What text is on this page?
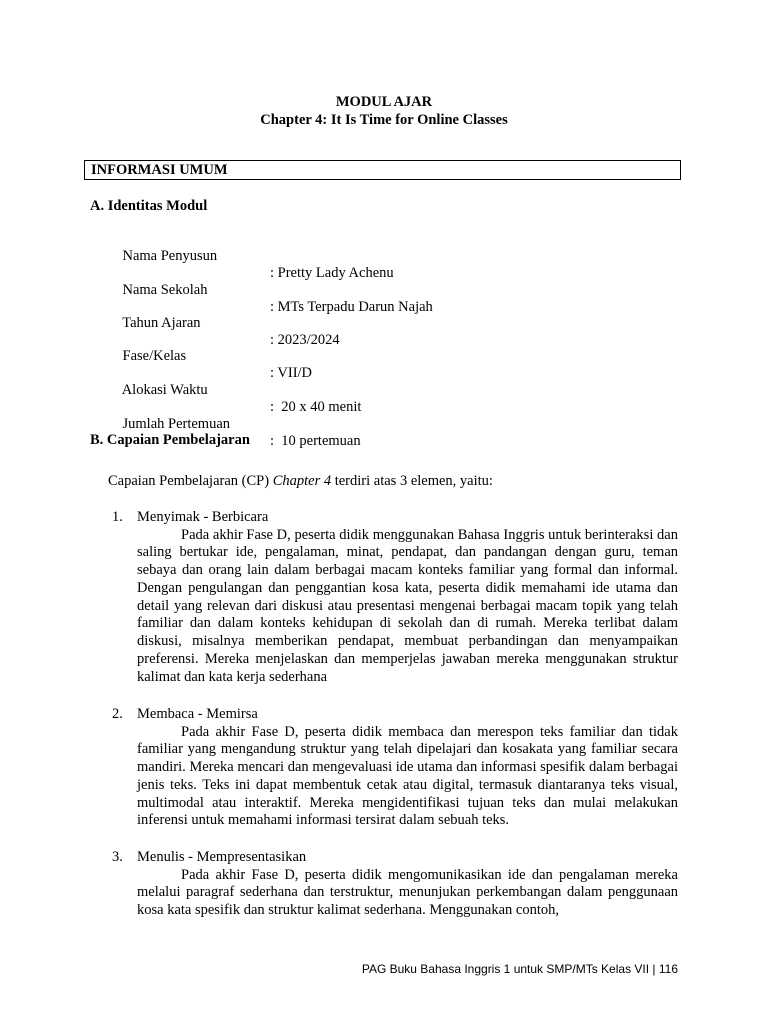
MODUL AJAR
Chapter 4: It Is Time for Online Classes
INFORMASI UMUM
A. Identitas Modul

Nama Penyusun

: Pretty Lady Achenu

Nama Sekolah

: MTs Terpadu Darun Najah

Tahun Ajaran

: 2023/2024

Fase/Kelas

: VII/D

Alokasi Waktu

:  20 x 40 menit

Jumlah Pertemuan

:  10 pertemuan

B. Capaian Pembelajaran
Capaian Pembelajaran (CP) Chapter 4 terdiri atas 3 elemen, yaitu:
1. Menyimak - Berbicara

Pada akhir Fase D, peserta didik menggunakan Bahasa Inggris untuk berinteraksi dan saling bertukar ide, pengalaman, minat, pendapat, dan pandangan dengan guru, teman sebaya dan orang lain dalam berbagai macam konteks familiar yang formal dan informal. Dengan pengulangan dan penggantian kosa kata, peserta didik memahami ide utama dan detail yang relevan dari diskusi atau presentasi mengenai berbagai macam topik yang telah familiar dan dalam konteks kehidupan di sekolah dan di rumah. Mereka terlibat dalam diskusi, misalnya memberikan pendapat, membuat perbandingan dan menyampaikan preferensi. Mereka menjelaskan dan memperjelas jawaban mereka menggunakan struktur kalimat dan kata kerja sederhana

2. Membaca - Memirsa

Pada akhir Fase D, peserta didik membaca dan merespon teks familiar dan tidak familiar yang mengandung struktur yang telah dipelajari dan kosakata yang familiar secara mandiri. Mereka mencari dan mengevaluasi ide utama dan informasi spesifik dalam berbagai jenis teks. Teks ini dapat membentuk cetak atau digital, termasuk diantaranya teks visual, multimodal atau interaktif. Mereka mengidentifikasi tujuan teks dan mulai melakukan inferensi untuk memahami informasi tersirat dalam sebuah teks.

3. Menulis - Mempresentasikan

Pada akhir Fase D, peserta didik mengomunikasikan ide dan pengalaman mereka melalui paragraf sederhana dan terstruktur, menunjukan perkembangan dalam penggunaan kosa kata spesifik dan struktur kalimat sederhana. Menggunakan contoh,

PAG Buku Bahasa Inggris 1 untuk SMP/MTs Kelas VII | 116
